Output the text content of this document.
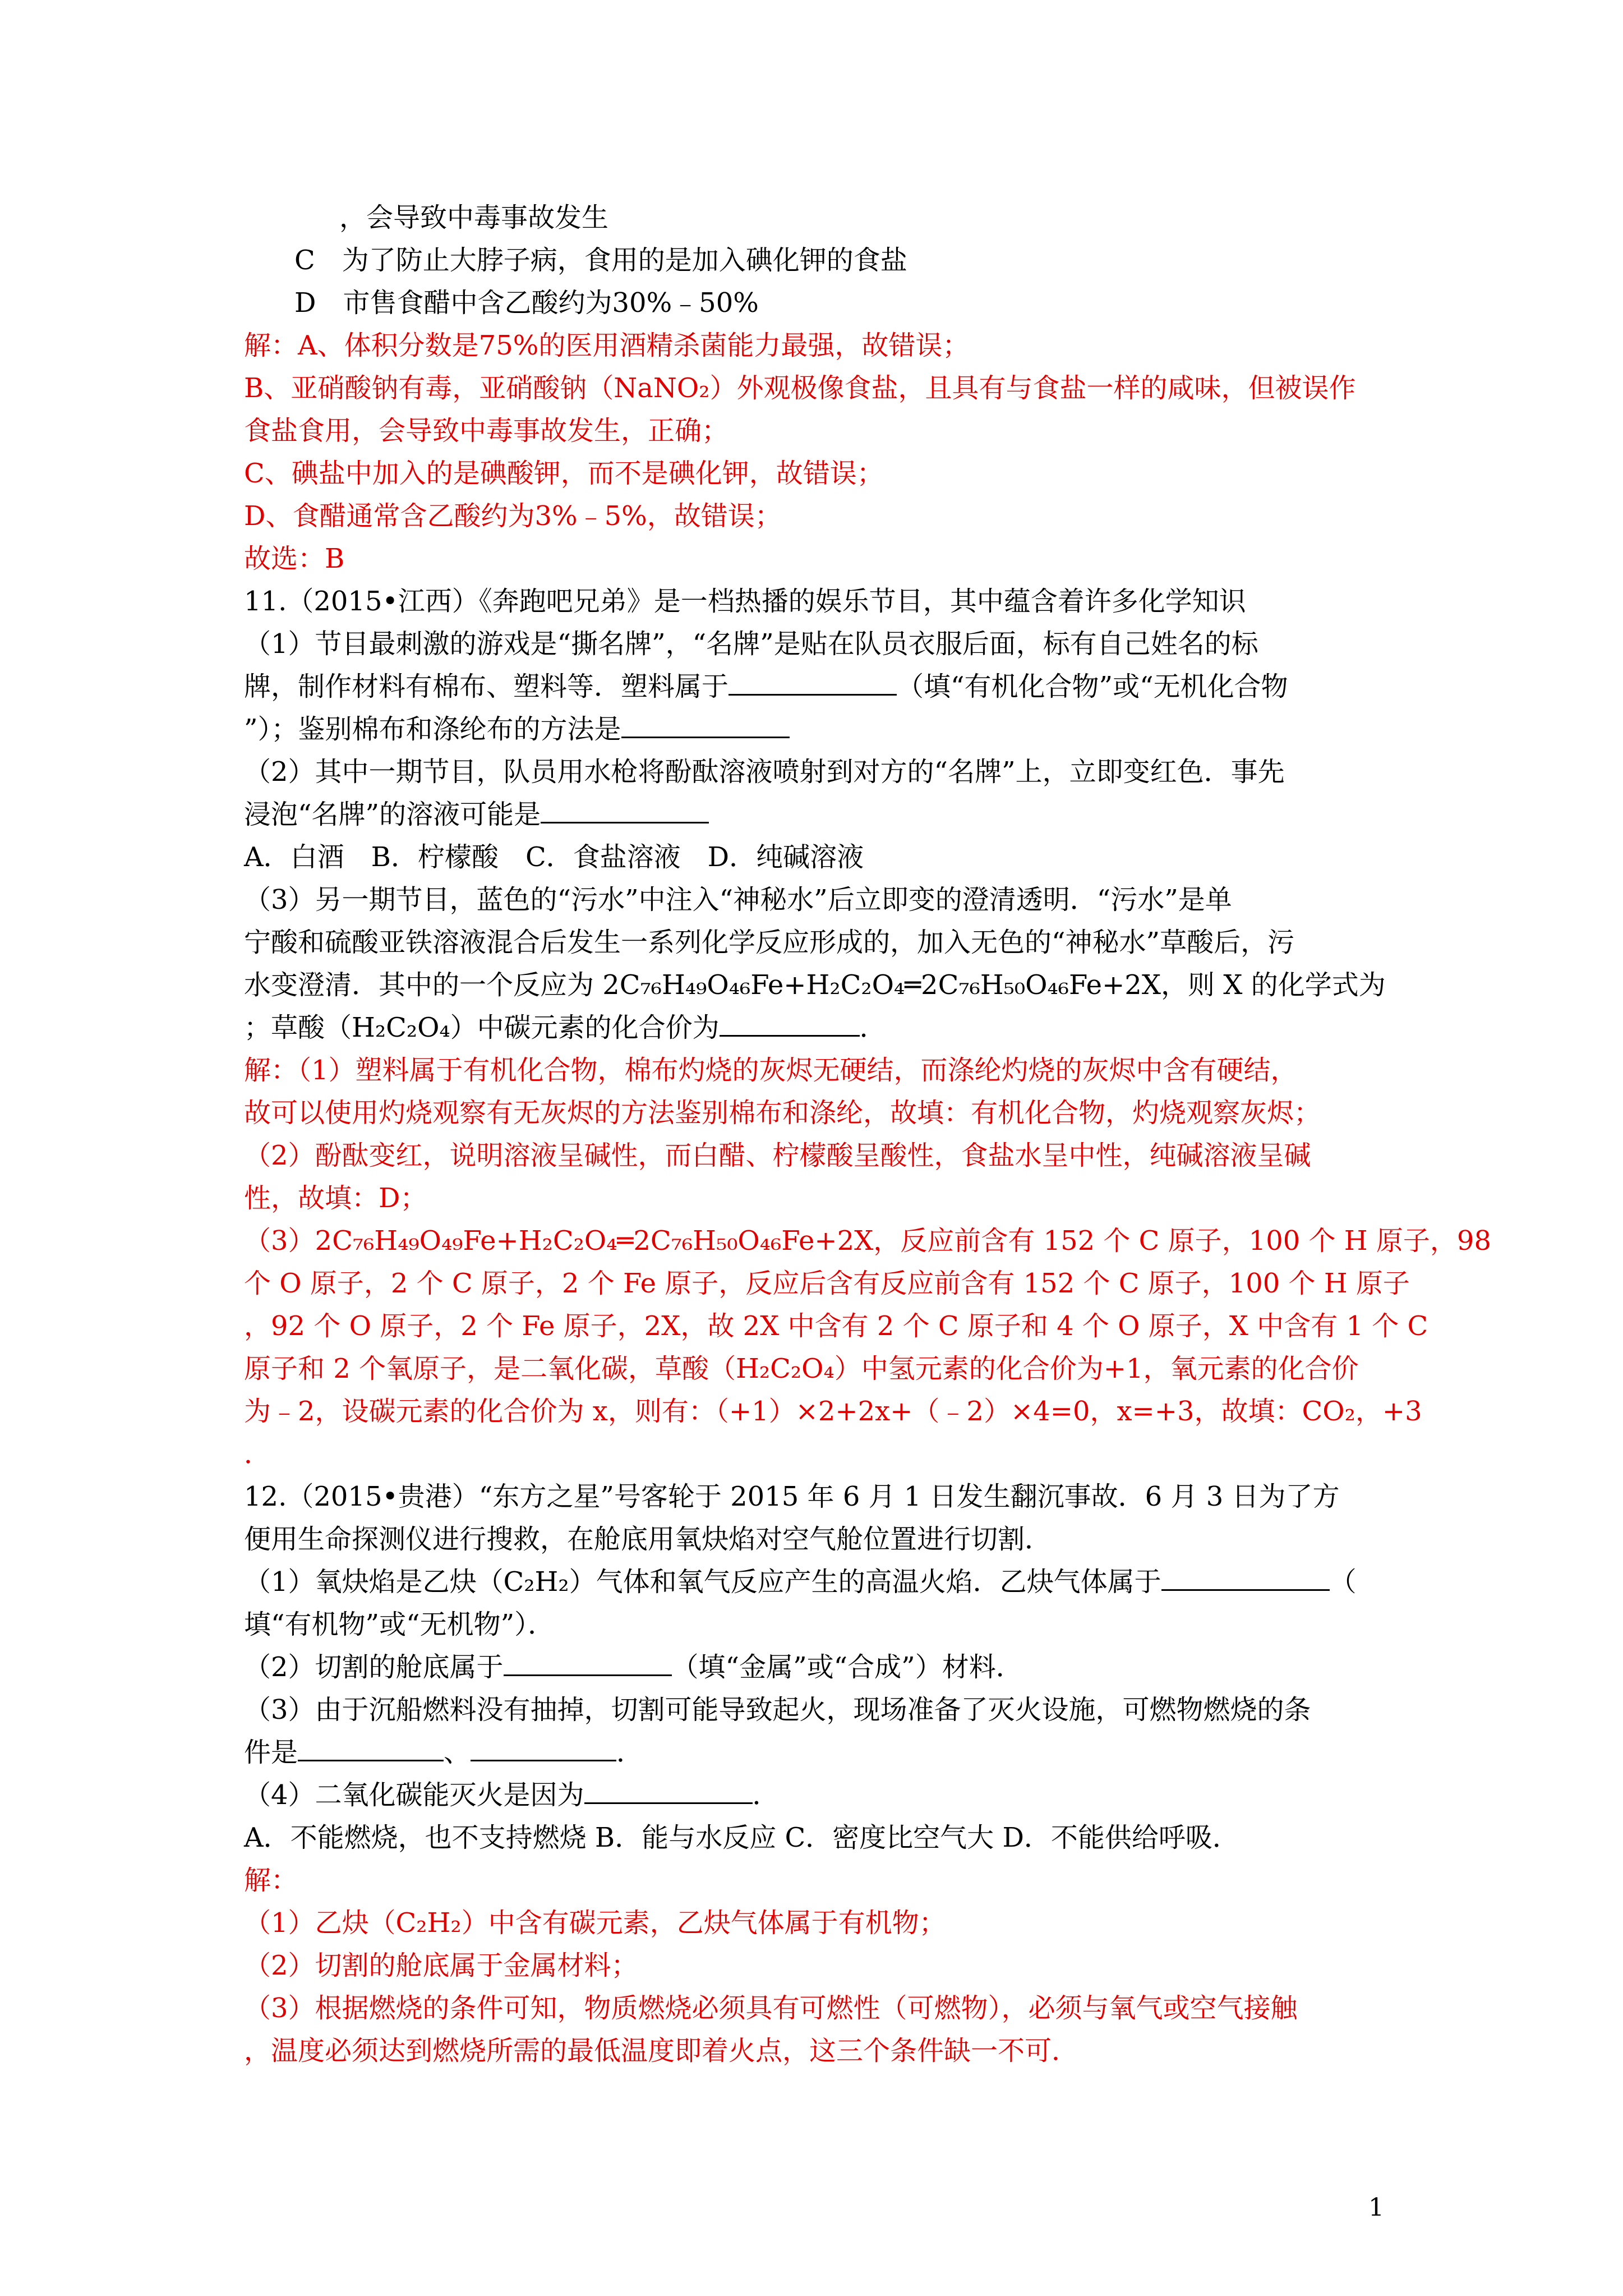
，会导致中毒事故发生

C　为了防止大脖子病，食用的是加入碘化钾的食盐

D　市售食醋中含乙酸约为30%﹣50%

解：A、体积分数是75%的医用酒精杀菌能力最强，故错误；

B、亚硝酸钠有毒，亚硝酸钠（NaNO₂）外观极像食盐，且具有与食盐一样的咸味，但被误作

食盐食用，会导致中毒事故发生，正确；

C、碘盐中加入的是碘酸钾，而不是碘化钾，故错误；

D、食醋通常含乙酸约为3%﹣5%，故错误；

故选：B

11.（2015•江西）《奔跑吧兄弟》是一档热播的娱乐节目，其中蕴含着许多化学知识

（1）节目最刺激的游戏是“撕名牌”，“名牌”是贴在队员衣服后面，标有自己姓名的标

牌，制作材料有棉布、塑料等．塑料属于	（填“有机化合物”或“无机化合物

”）；鉴别棉布和涤纶布的方法是

（2）其中一期节目，队员用水枪将酚酞溶液喷射到对方的“名牌”上，立即变红色．事先

浸泡“名牌”的溶液可能是

A．白酒　B．柠檬酸　C．食盐溶液　D．纯碱溶液

（3）另一期节目，蓝色的“污水”中注入“神秘水”后立即变的澄清透明．“污水”是单

宁酸和硫酸亚铁溶液混合后发生一系列化学反应形成的，加入无色的“神秘水”草酸后，污

水变澄清．其中的一个反应为 2C₇₆H₄₉O₄₆Fe+H₂C₂O₄═2C₇₆H₅₀O₄₆Fe+2X，则 X 的化学式为

；草酸（H₂C₂O₄）中碳元素的化合价为	．

解：（1）塑料属于有机化合物，棉布灼烧的灰烬无硬结，而涤纶灼烧的灰烬中含有硬结，

故可以使用灼烧观察有无灰烬的方法鉴别棉布和涤纶，故填：有机化合物，灼烧观察灰烬；

（2）酚酞变红，说明溶液呈碱性，而白醋、柠檬酸呈酸性，食盐水呈中性，纯碱溶液呈碱

性，故填：D；

（3）2C₇₆H₄₉O₄₉Fe+H₂C₂O₄═2C₇₆H₅₀O₄₆Fe+2X，反应前含有 152 个 C 原子，100 个 H 原子，98

个 O 原子，2 个 C 原子，2 个 Fe 原子，反应后含有反应前含有 152 个 C 原子，100 个 H 原子

，92 个 O 原子，2 个 Fe 原子，2X，故 2X 中含有 2 个 C 原子和 4 个 O 原子，X 中含有 1 个 C

原子和 2 个氧原子，是二氧化碳，草酸（H₂C₂O₄）中氢元素的化合价为+1，氧元素的化合价

为﹣2，设碳元素的化合价为 x，则有：（+1）×2+2x+（﹣2）×4=0，x=+3，故填：CO₂，+3

．

12.（2015•贵港）“东方之星”号客轮于 2015 年 6 月 1 日发生翻沉事故．6 月 3 日为了方

便用生命探测仪进行搜救，在舱底用氧炔焰对空气舱位置进行切割．

（1）氧炔焰是乙炔（C₂H₂）气体和氧气反应产生的高温火焰．乙炔气体属于	（

填“有机物”或“无机物”）．

（2）切割的舱底属于	（填“金属”或“合成”）材料．

（3）由于沉船燃料没有抽掉，切割可能导致起火，现场准备了灭火设施，可燃物燃烧的条

件是	、	．

（4）二氧化碳能灭火是因为	．

A．不能燃烧，也不支持燃烧 B．能与水反应 C．密度比空气大 D．不能供给呼吸．

解：

（1）乙炔（C₂H₂）中含有碳元素，乙炔气体属于有机物；

（2）切割的舱底属于金属材料；

（3）根据燃烧的条件可知，物质燃烧必须具有可燃性（可燃物），必须与氧气或空气接触

，温度必须达到燃烧所需的最低温度即着火点，这三个条件缺一不可．

1
